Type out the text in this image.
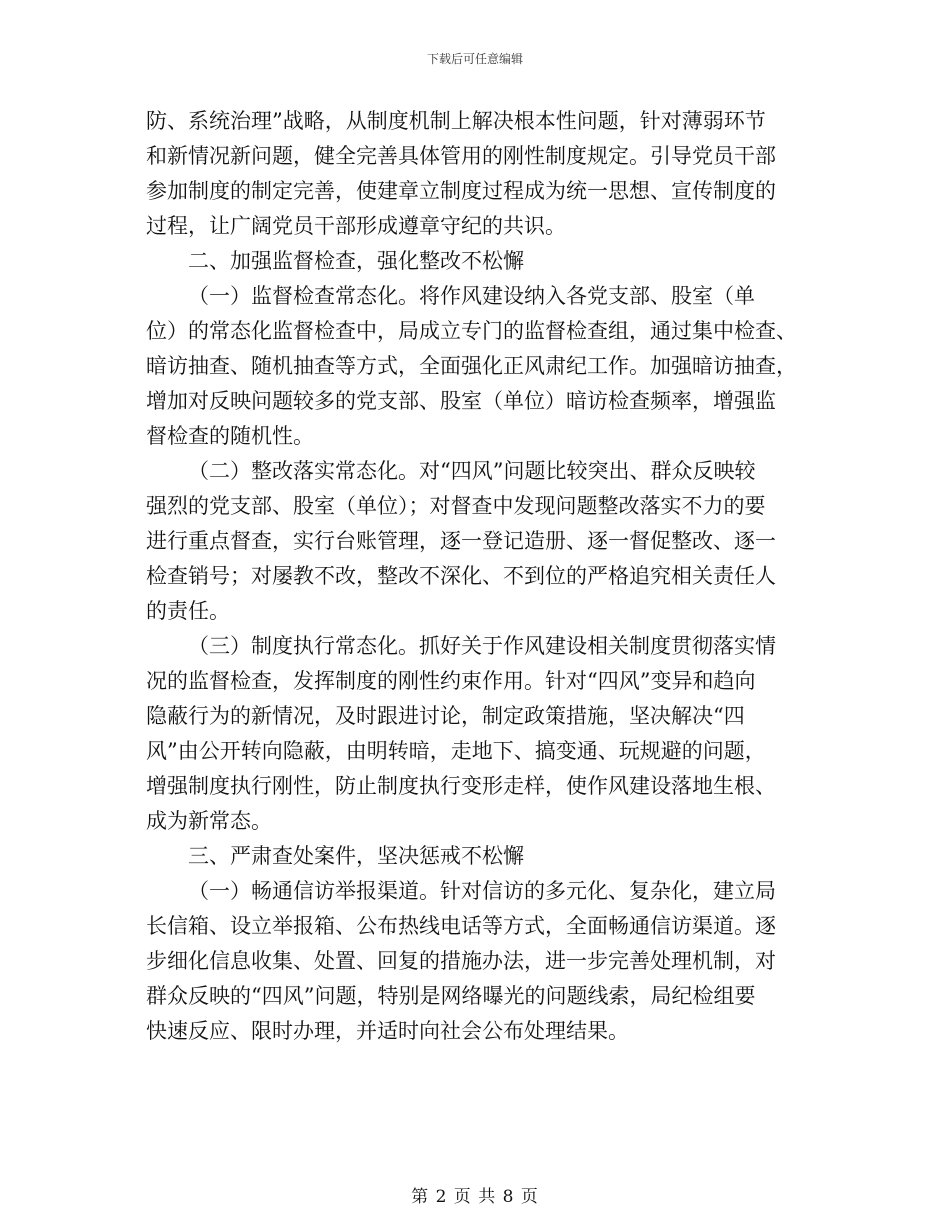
下载后可任意编辑
防、系统治理”战略，从制度机制上解决根本性问题，针对薄弱环节
和新情况新问题，健全完善具体管用的刚性制度规定。引导党员干部
参加制度的制定完善，使建章立制度过程成为统一思想、宣传制度的
过程，让广阔党员干部形成遵章守纪的共识。
二、加强监督检查，强化整改不松懈
（一）监督检查常态化。将作风建设纳入各党支部、股室（单
位）的常态化监督检查中，局成立专门的监督检查组，通过集中检查、
暗访抽查、随机抽查等方式，全面强化正风肃纪工作。加强暗访抽查，
增加对反映问题较多的党支部、股室（单位）暗访检查频率，增强监
督检查的随机性。
（二）整改落实常态化。对“四风”问题比较突出、群众反映较
强烈的党支部、股室（单位）；对督查中发现问题整改落实不力的要
进行重点督查，实行台账管理，逐一登记造册、逐一督促整改、逐一
检查销号；对屡教不改，整改不深化、不到位的严格追究相关责任人
的责任。
（三）制度执行常态化。抓好关于作风建设相关制度贯彻落实情
况的监督检查，发挥制度的刚性约束作用。针对“四风”变异和趋向
隐蔽行为的新情况，及时跟进讨论，制定政策措施，坚决解决“四
风”由公开转向隐蔽，由明转暗，走地下、搞变通、玩规避的问题，
增强制度执行刚性，防止制度执行变形走样，使作风建设落地生根、
成为新常态。
三、严肃查处案件，坚决惩戒不松懈
（一）畅通信访举报渠道。针对信访的多元化、复杂化，建立局
长信箱、设立举报箱、公布热线电话等方式，全面畅通信访渠道。逐
步细化信息收集、处置、回复的措施办法，进一步完善处理机制，对
群众反映的“四风”问题，特别是网络曝光的问题线索，局纪检组要
快速反应、限时办理，并适时向社会公布处理结果。
第 2 页 共 8 页
